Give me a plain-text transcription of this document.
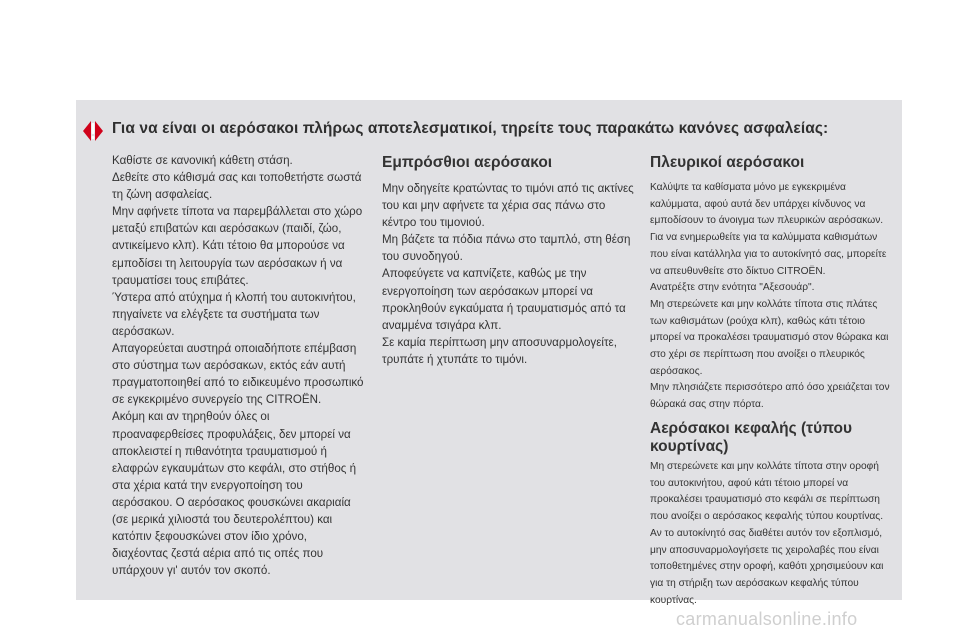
Για να είναι οι αερόσακοι πλήρως αποτελεσματικοί, τηρείτε τους παρακάτω κανόνες ασφαλείας:
Καθίστε σε κανονική κάθετη στάση.
Δεθείτε στο κάθισμά σας και τοποθετήστε σωστά τη ζώνη ασφαλείας.
Μην αφήνετε τίποτα να παρεμβάλλεται στο χώρο μεταξύ επιβατών και αερόσακων (παιδί, ζώο, αντικείμενο κλπ). Κάτι τέτοιο θα μπορούσε να εμποδίσει τη λειτουργία των αερόσακων ή να τραυματίσει τους επιβάτες.
Ύστερα από ατύχημα ή κλοπή του αυτοκινήτου, πηγαίνετε να ελέγξετε τα συστήματα των αερόσακων.
Απαγορεύεται αυστηρά οποιαδήποτε επέμβαση στο σύστημα των αερόσακων, εκτός εάν αυτή πραγματοποιηθεί από το ειδικευμένο προσωπικό σε εγκεκριμένο συνεργείο της CITROËN.
Ακόμη και αν τηρηθούν όλες οι προαναφερθείσες προφυλάξεις, δεν μπορεί να αποκλειστεί η πιθανότητα τραυματισμού ή ελαφρών εγκαυμάτων στο κεφάλι, στο στήθος ή στα χέρια κατά την ενεργοποίηση του αερόσακου. Ο αερόσακος φουσκώνει ακαριαία (σε μερικά χιλιοστά του δευτερολέπτου) και κατόπιν ξεφουσκώνει στον ίδιο χρόνο, διαχέοντας ζεστά αέρια από τις οπές που υπάρχουν γι' αυτόν τον σκοπό.
Εμπρόσθιοι αερόσακοι
Μην οδηγείτε κρατώντας το τιμόνι από τις ακτίνες του και μην αφήνετε τα χέρια σας πάνω στο κέντρο του τιμονιού.
Μη βάζετε τα πόδια πάνω στο ταμπλό, στη θέση του συνοδηγού.
Αποφεύγετε να καπνίζετε, καθώς με την ενεργοποίηση των αερόσακων μπορεί να προκληθούν εγκαύματα ή τραυματισμός από τα αναμμένα τσιγάρα κλπ.
Σε καμία περίπτωση μην αποσυναρμολογείτε, τρυπάτε ή χτυπάτε το τιμόνι.
Πλευρικοί αερόσακοι
Καλύψτε τα καθίσματα μόνο με εγκεκριμένα καλύμματα, αφού αυτά δεν υπάρχει κίνδυνος να εμποδίσουν το άνοιγμα των πλευρικών αερόσακων. Για να ενημερωθείτε για τα καλύμματα καθισμάτων που είναι κατάλληλα για το αυτοκίνητό σας, μπορείτε να απευθυνθείτε στο δίκτυο CITROËN.
Ανατρέξτε στην ενότητα "Αξεσουάρ".
Μη στερεώνετε και μην κολλάτε τίποτα στις πλάτες των καθισμάτων (ρούχα κλπ), καθώς κάτι τέτοιο μπορεί να προκαλέσει τραυματισμό στον θώρακα και στο χέρι σε περίπτωση που ανοίξει ο πλευρικός αερόσακος.
Μην πλησιάζετε περισσότερο από όσο χρειάζεται τον θώρακά σας στην πόρτα.
Αερόσακοι κεφαλής (τύπου κουρτίνας)
Μη στερεώνετε και μην κολλάτε τίποτα στην οροφή του αυτοκινήτου, αφού κάτι τέτοιο μπορεί να προκαλέσει τραυματισμό στο κεφάλι σε περίπτωση που ανοίξει ο αερόσακος κεφαλής τύπου κουρτίνας.
Αν το αυτοκίνητό σας διαθέτει αυτόν τον εξοπλισμό, μην αποσυναρμολογήσετε τις χειρολαβές που είναι τοποθετημένες στην οροφή, καθότι χρησιμεύουν και για τη στήριξη των αερόσακων κεφαλής τύπου κουρτίνας.
carmanualsonline.info
